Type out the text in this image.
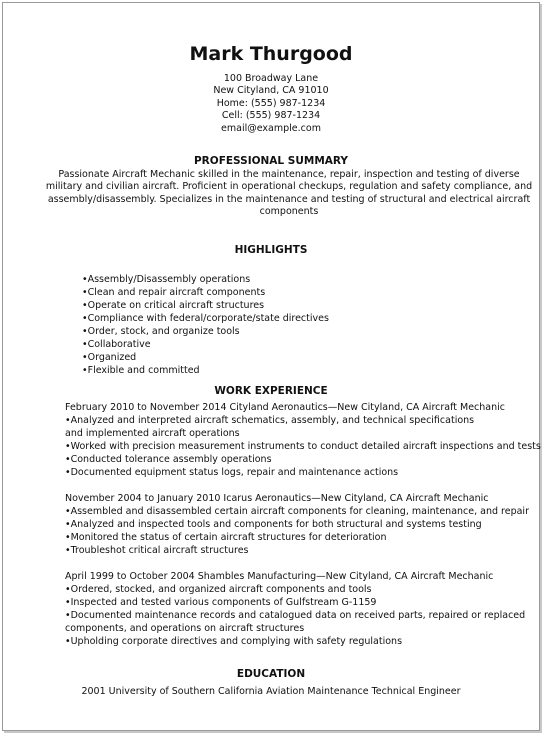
Mark Thurgood
100 Broadway Lane
New Cityland, CA 91010
Home: (555) 987-1234
Cell: (555) 987-1234
email@example.com
PROFESSIONAL SUMMARY
Passionate Aircraft Mechanic skilled in the maintenance, repair, inspection and testing of diverse military and civilian aircraft. Proficient in operational checkups, regulation and safety compliance, and assembly/disassembly. Specializes in the maintenance and testing of structural and electrical aircraft components
HIGHLIGHTS
•Assembly/Disassembly operations
•Clean and repair aircraft components
•Operate on critical aircraft structures
•Compliance with federal/corporate/state directives
•Order, stock, and organize tools
•Collaborative
•Organized
•Flexible and committed
WORK EXPERIENCE
February 2010 to November 2014 Cityland Aeronautics—New Cityland, CA Aircraft Mechanic
•Analyzed and interpreted aircraft schematics, assembly, and technical specifications and implemented aircraft operations
•Worked with precision measurement instruments to conduct detailed aircraft inspections and tests
•Conducted tolerance assembly operations
•Documented equipment status logs, repair and maintenance actions
November 2004 to January 2010 Icarus Aeronautics—New Cityland, CA Aircraft Mechanic
•Assembled and disassembled certain aircraft components for cleaning, maintenance, and repair
•Analyzed and inspected tools and components for both structural and systems testing
•Monitored the status of certain aircraft structures for deterioration
•Troubleshot critical aircraft structures
April 1999 to October 2004 Shambles Manufacturing—New Cityland, CA Aircraft Mechanic
•Ordered, stocked, and organized aircraft components and tools
•Inspected and tested various components of Gulfstream G-1159
•Documented maintenance records and catalogued data on received parts, repaired or replaced components, and operations on aircraft structures
•Upholding corporate directives and complying with safety regulations
EDUCATION
2001 University of Southern California Aviation Maintenance Technical Engineer
